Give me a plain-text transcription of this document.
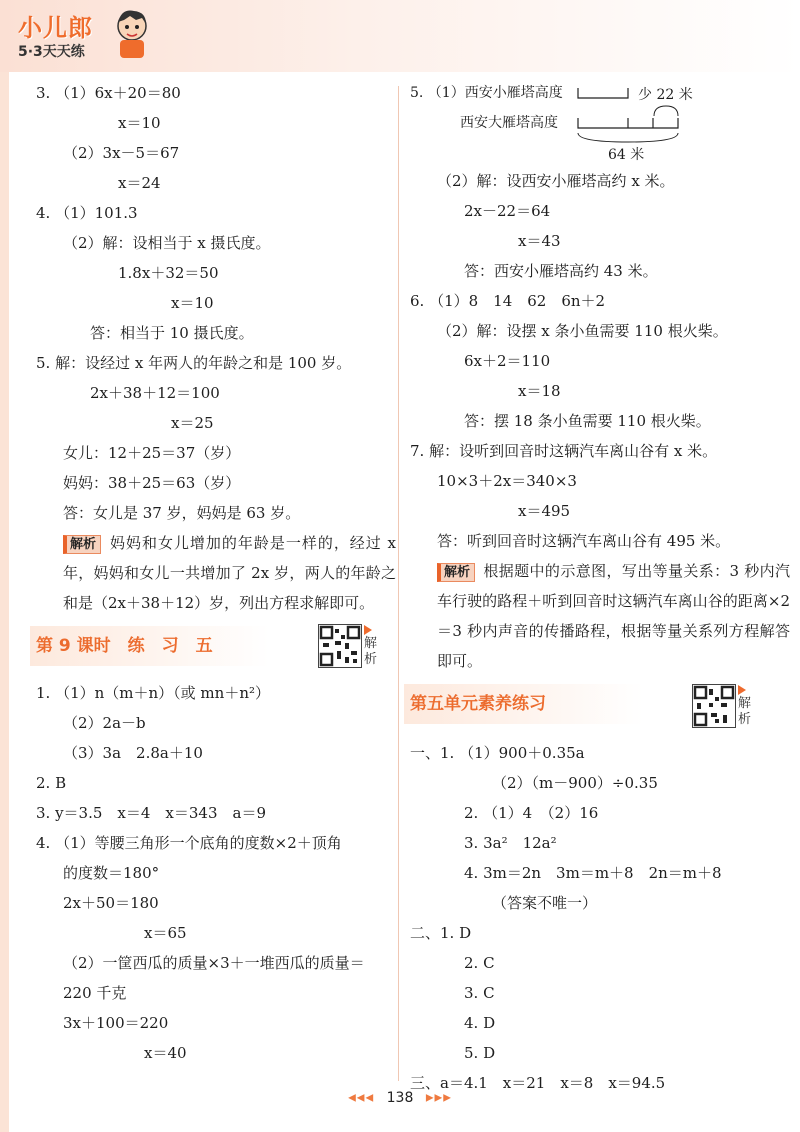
小儿郎
5·3天天练
3. （1）6x＋20＝80
x＝10
（2）3x－5＝67
x＝24
4. （1）101.3
（2）解：设相当于 x 摄氏度。
1.8x＋32＝50
x＝10
答：相当于 10 摄氏度。
5. 解：设经过 x 年两人的年龄之和是 100 岁。
2x＋38＋12＝100
x＝25
女儿：12＋25＝37（岁）
妈妈：38＋25＝63（岁）
答：女儿是 37 岁，妈妈是 63 岁。
解析 妈妈和女儿增加的年龄是一样的，经过 x 年，妈妈和女儿一共增加了 2x 岁，两人的年龄之和是（2x＋38＋12）岁，列出方程求解即可。
第 9 课时　练　习　五	解析
1. （1）n（m＋n）（或 mn＋n²）
（2）2a－b
（3）3a　2.8a＋10
2. B
3. y＝3.5　x＝4　x＝343　a＝9
4. （1）等腰三角形一个底角的度数×2＋顶角
的度数＝180°
2x＋50＝180
x＝65
（2）一筐西瓜的质量×3＋一堆西瓜的质量＝
220 千克
3x＋100＝220
x＝40
5. （1）西安小雁塔高度
西安大雁塔高度
少 22 米
64 米
（2）解：设西安小雁塔高约 x 米。
2x－22＝64
x＝43
答：西安小雁塔高约 43 米。
6. （1）8　14　62　6n＋2
（2）解：设摆 x 条小鱼需要 110 根火柴。
6x＋2＝110
x＝18
答：摆 18 条小鱼需要 110 根火柴。
7. 解：设听到回音时这辆汽车离山谷有 x 米。
10×3＋2x＝340×3
x＝495
答：听到回音时这辆汽车离山谷有 495 米。
解析 根据题中的示意图，写出等量关系：3 秒内汽车行驶的路程＋听到回音时这辆汽车离山谷的距离×2＝3 秒内声音的传播路程，根据等量关系列方程解答即可。
第五单元素养练习	解析
一、1. （1）900＋0.35a
（2）（m－900）÷0.35
2. （1）4　（2）16
3. 3a²　12a²
4. 3m＝2n　3m＝m＋8　2n＝m＋8
（答案不唯一）
二、1. D
2. C
3. C
4. D
5. D
三、a＝4.1　x＝21　x＝8　x＝94.5
◀◀◀ 138 ▶▶▶
